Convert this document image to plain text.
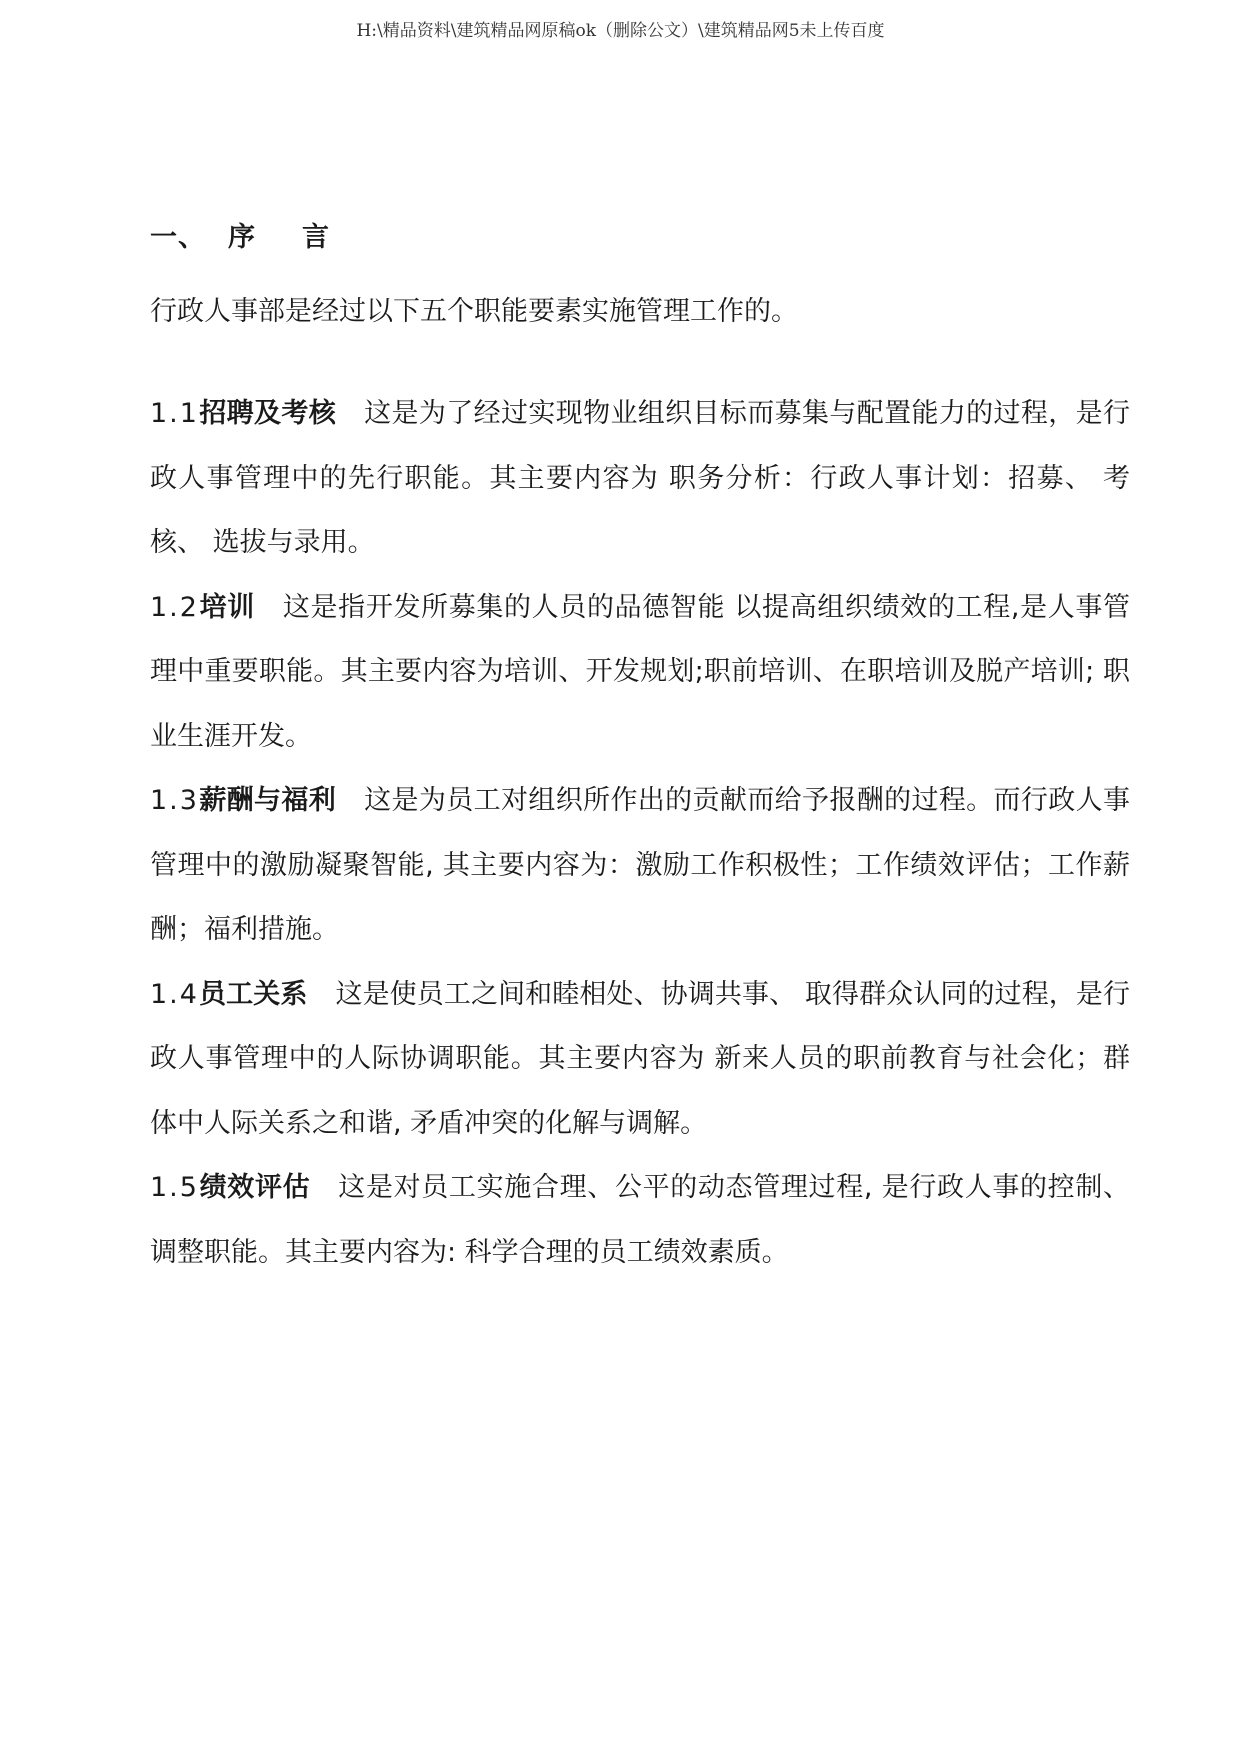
H:\精品资料\建筑精品网原稿ok（删除公文）\建筑精品网5未上传百度
一、 序 言

行政人事部是经过以下五个职能要素实施管理工作的。

1.1招聘及考核 这是为了经过实现物业组织目标而募集与配置能力的过程，是行政人事管理中的先行职能。其主要内容为 职务分析：行政人事计划：招募、 考核、 选拔与录用。

1.2培训 这是指开发所募集的人员的品德智能 以提高组织绩效的工程,是人事管理中重要职能。其主要内容为培训、开发规划;职前培训、在职培训及脱产培训; 职业生涯开发。

1.3薪酬与福利 这是为员工对组织所作出的贡献而给予报酬的过程。而行政人事管理中的激励凝聚智能, 其主要内容为：激励工作积极性；工作绩效评估；工作薪酬；福利措施。

1.4员工关系 这是使员工之间和睦相处、协调共事、 取得群众认同的过程，是行政人事管理中的人际协调职能。其主要内容为 新来人员的职前教育与社会化；群体中人际关系之和谐, 矛盾冲突的化解与调解。

1.5绩效评估 这是对员工实施合理、公平的动态管理过程, 是行政人事的控制、 调整职能。其主要内容为: 科学合理的员工绩效素质。
